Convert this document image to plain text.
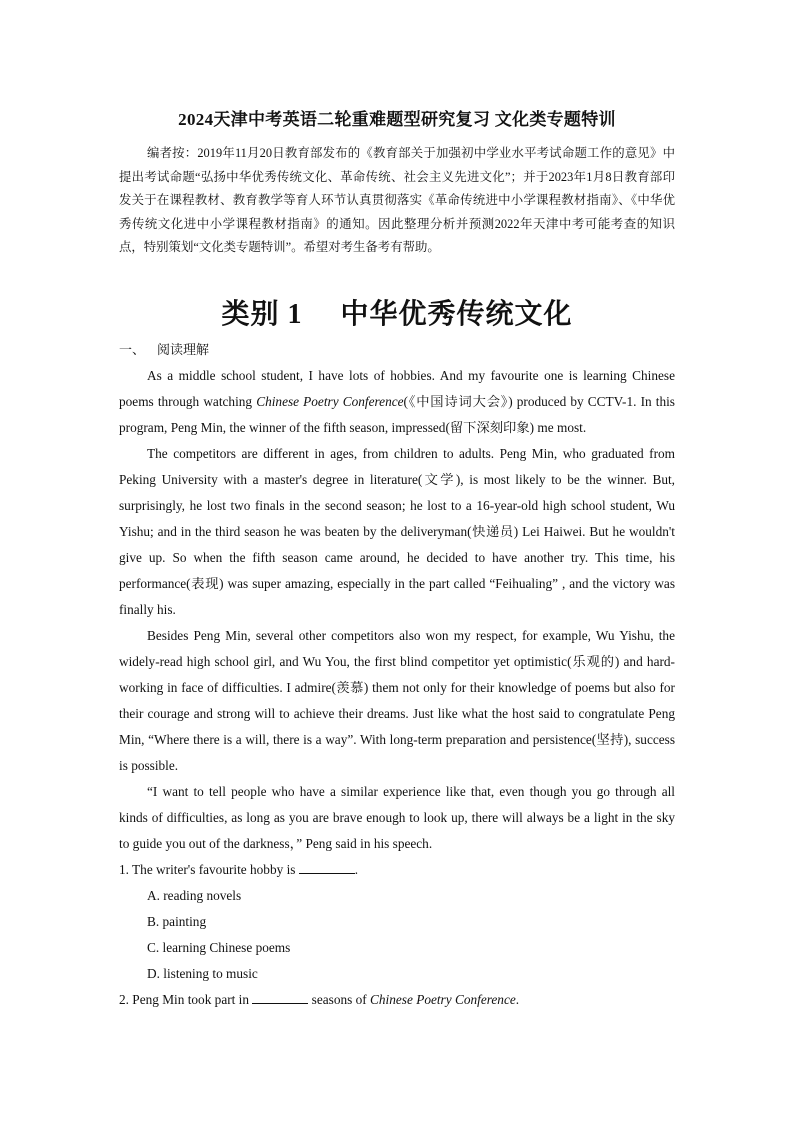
2024天津中考英语二轮重难题型研究复习 文化类专题特训
编者按：2019年11月20日教育部发布的《教育部关于加强初中学业水平考试命题工作的意见》中提出考试命题“弘扬中华优秀传统文化、革命传统、社会主义先进文化”；并于2023年1月8日教育部印发关于在课程教材、教育教学等育人环节认真贯彻落实《革命传统进中小学课程教材指南》、《中华优秀传统文化进中小学课程教材指南》的通知。因此整理分析并预测2022年天津中考可能考查的知识点，特别策划“文化类专题特训”。希望对考生备考有帮助。
类别 1 中华优秀传统文化
一、 阅读理解

As a middle school student, I have lots of hobbies. And my favourite one is learning Chinese poems through watching Chinese Poetry Conference(《中国诗词大会》) produced by CCTV-1. In this program, Peng Min, the winner of the fifth season, impressed(留下深刻印象) me most.

The competitors are different in ages, from children to adults. Peng Min, who graduated from Peking University with a master's degree in literature(文学), is most likely to be the winner. But, surprisingly, he lost two finals in the second season; he lost to a 16-year-old high school student, Wu Yishu; and in the third season he was beaten by the deliveryman(快递员) Lei Haiwei. But he wouldn't give up. So when the fifth season came around, he decided to have another try. This time, his performance(表现) was super amazing, especially in the part called “Feihualing” , and the victory was finally his.

Besides Peng Min, several other competitors also won my respect, for example, Wu Yishu, the widely-read high school girl, and Wu You, the first blind competitor yet optimistic(乐观的) and hard-working in face of difficulties. I admire(羡慕) them not only for their knowledge of poems but also for their courage and strong will to achieve their dreams. Just like what the host said to congratulate Peng Min, “Where there is a will, there is a way”. With long-term preparation and persistence(坚持), success is possible.

“I want to tell people who have a similar experience like that, even though you go through all kinds of difficulties, as long as you are brave enough to look up, there will always be a light in the sky to guide you out of the darkness，” Peng said in his speech.

1. The writer's favourite hobby is	.
A. reading novels
B. painting
C. learning Chinese poems
D. listening to music
2. Peng Min took part in	seasons of Chinese Poetry Conference.
